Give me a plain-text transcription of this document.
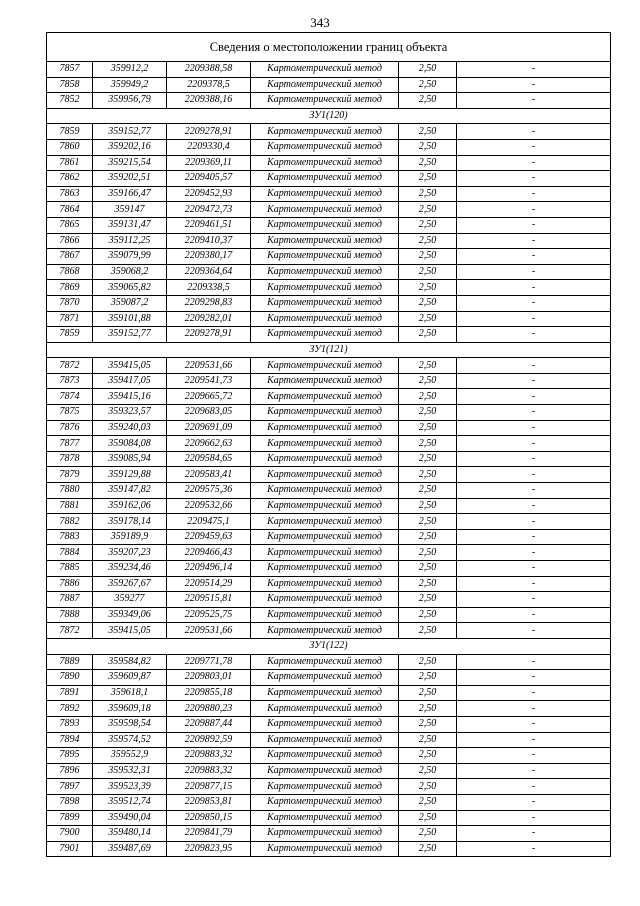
343
Сведения о местоположении границ объекта					
7857	359912,2	2209388,58	Картометрический метод	2,50	-
7858	359949,2	2209378,5	Картометрический метод	2,50	-
7852	359956,79	2209388,16	Картометрический метод	2,50	-
ЗУ1(120)					
7859	359152,77	2209278,91	Картометрический метод	2,50	-
7860	359202,16	2209330,4	Картометрический метод	2,50	-
7861	359215,54	2209369,11	Картометрический метод	2,50	-
7862	359202,51	2209405,57	Картометрический метод	2,50	-
7863	359166,47	2209452,93	Картометрический метод	2,50	-
7864	359147	2209472,73	Картометрический метод	2,50	-
7865	359131,47	2209461,51	Картометрический метод	2,50	-
7866	359112,25	2209410,37	Картометрический метод	2,50	-
7867	359079,99	2209380,17	Картометрический метод	2,50	-
7868	359068,2	2209364,64	Картометрический метод	2,50	-
7869	359065,82	2209338,5	Картометрический метод	2,50	-
7870	359087,2	2209298,83	Картометрический метод	2,50	-
7871	359101,88	2209282,01	Картометрический метод	2,50	-
7859	359152,77	2209278,91	Картометрический метод	2,50	-
ЗУ1(121)					
7872	359415,05	2209531,66	Картометрический метод	2,50	-
7873	359417,05	2209541,73	Картометрический метод	2,50	-
7874	359415,16	2209665,72	Картометрический метод	2,50	-
7875	359323,57	2209683,05	Картометрический метод	2,50	-
7876	359240,03	2209691,09	Картометрический метод	2,50	-
7877	359084,08	2209662,63	Картометрический метод	2,50	-
7878	359085,94	2209584,65	Картометрический метод	2,50	-
7879	359129,88	2209583,41	Картометрический метод	2,50	-
7880	359147,82	2209575,36	Картометрический метод	2,50	-
7881	359162,06	2209532,66	Картометрический метод	2,50	-
7882	359178,14	2209475,1	Картометрический метод	2,50	-
7883	359189,9	2209459,63	Картометрический метод	2,50	-
7884	359207,23	2209466,43	Картометрический метод	2,50	-
7885	359234,46	2209496,14	Картометрический метод	2,50	-
7886	359267,67	2209514,29	Картометрический метод	2,50	-
7887	359277	2209515,81	Картометрический метод	2,50	-
7888	359349,06	2209525,75	Картометрический метод	2,50	-
7872	359415,05	2209531,66	Картометрический метод	2,50	-
ЗУ1(122)					
7889	359584,82	2209771,78	Картометрический метод	2,50	-
7890	359609,87	2209803,01	Картометрический метод	2,50	-
7891	359618,1	2209855,18	Картометрический метод	2,50	-
7892	359609,18	2209880,23	Картометрический метод	2,50	-
7893	359598,54	2209887,44	Картометрический метод	2,50	-
7894	359574,52	2209892,59	Картометрический метод	2,50	-
7895	359552,9	2209883,32	Картометрический метод	2,50	-
7896	359532,31	2209883,32	Картометрический метод	2,50	-
7897	359523,39	2209877,15	Картометрический метод	2,50	-
7898	359512,74	2209853,81	Картометрический метод	2,50	-
7899	359490,04	2209850,15	Картометрический метод	2,50	-
7900	359480,14	2209841,79	Картометрический метод	2,50	-
7901	359487,69	2209823,95	Картометрический метод	2,50	-
